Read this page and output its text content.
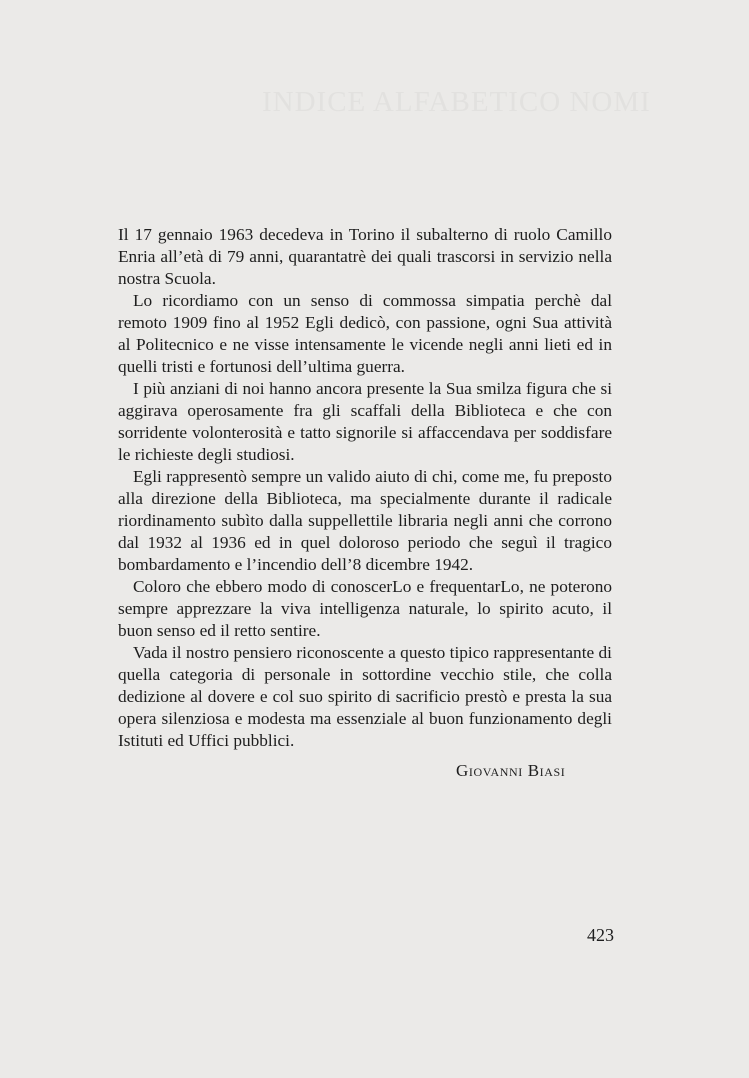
INDICE ALFABETICO NOMI

Il 17 gennaio 1963 decedeva in Torino il subalterno di ruolo Camillo Enria all’età di 79 anni, quarantatrè dei quali trascorsi in servizio nella nostra Scuola.

Lo ricordiamo con un senso di commossa simpatia perchè dal remoto 1909 fino al 1952 Egli dedicò, con passione, ogni Sua attività al Politecnico e ne visse intensamente le vicende negli anni lieti ed in quelli tristi e fortunosi dell’ultima guerra.

I più anziani di noi hanno ancora presente la Sua smilza figura che si aggirava operosamente fra gli scaffali della Biblioteca e che con sorridente volonterosità e tatto signorile si affaccendava per soddisfare le richieste degli studiosi.

Egli rappresentò sempre un valido aiuto di chi, come me, fu preposto alla direzione della Biblioteca, ma specialmente durante il radicale riordinamento subìto dalla suppellettile libraria negli anni che corrono dal 1932 al 1936 ed in quel doloroso periodo che seguì il tragico bombardamento e l’incendio dell’8 dicembre 1942.

Coloro che ebbero modo di conoscerLo e frequentarLo, ne poterono sempre apprezzare la viva intelligenza naturale, lo spirito acuto, il buon senso ed il retto sentire.

Vada il nostro pensiero riconoscente a questo tipico rappresentante di quella categoria di personale in sottordine vecchio stile, che colla dedizione al dovere e col suo spirito di sacrificio prestò e presta la sua opera silenziosa e modesta ma essenziale al buon funzionamento degli Istituti ed Uffici pubblici.

Giovanni Biasi
423
